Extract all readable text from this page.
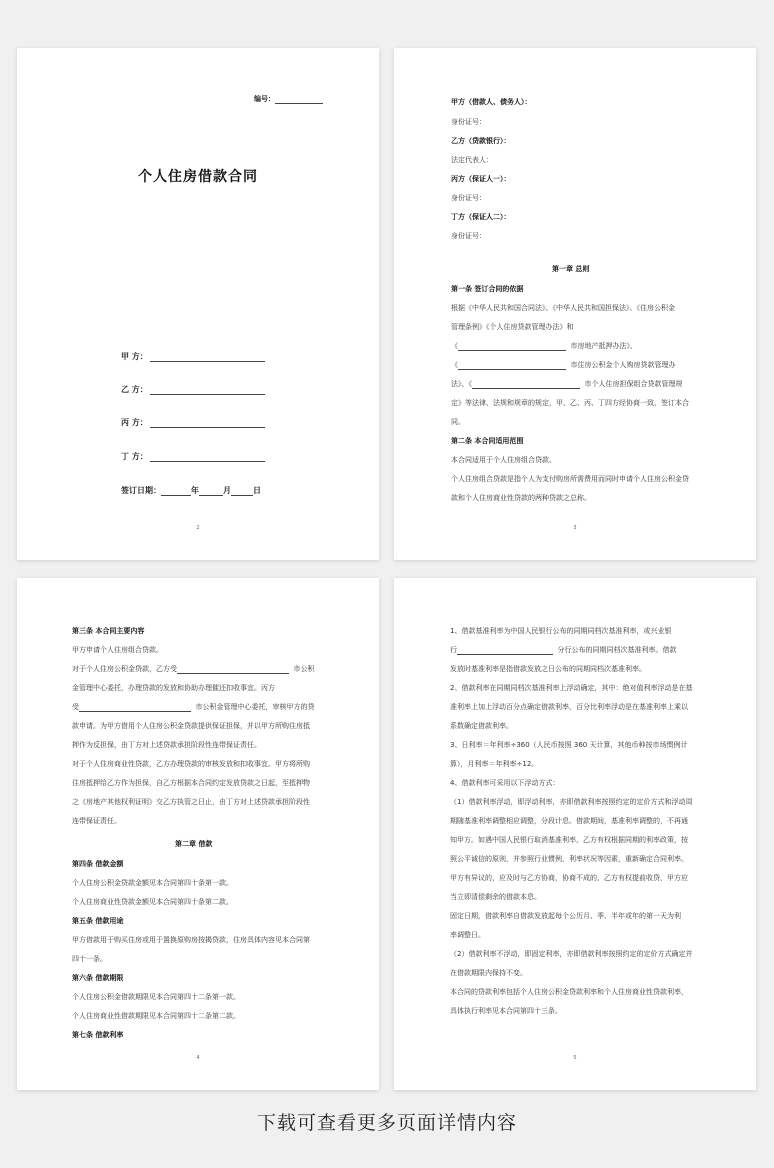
编号：
个人住房借款合同
甲 方：
乙 方：
丙 方：
丁 方：
签订日期：	年	月	日
2
甲方（借款人、债务人）：
身份证号：
乙方（贷款银行）：
法定代表人：
丙方（保证人一）：
身份证号：
丁方（保证人二）：
身份证号：
第一章 总则
第一条 签订合同的依据
根据《中华人民共和国合同法》、《中华人民共和国担保法》、《住房公积金
管理条例》《个人住房贷款管理办法》和
《	市房地产抵押办法》、
《	市住房公积金个人购房贷款管理办
法》、《	市个人住房担保组合贷款管理规
定》等法律、法规和规章的规定，甲、乙、丙、丁四方经协商一致，签订本合
同。
第二条 本合同适用范围
本合同适用于个人住房组合贷款。
个人住房组合贷款是指个人为支付购房所需费用而同时申请个人住房公积金贷
款和个人住房商业性贷款的两种贷款之总称。
3
第三条 本合同主要内容
甲方申请个人住房组合贷款。
对于个人住房公积金贷款，乙方受	市公积
金管理中心委托，办理贷款的发放和协助办理催还扣收事宜。丙方
受	市公积金管理中心委托，审核甲方的贷
款申请。为甲方借用个人住房公积金贷款提供保证担保，并以甲方所购住房抵
押作为反担保，由丁方对上述贷款承担阶段性连带保证责任。
对于个人住房商业性贷款，乙方办理贷款的审核发放和扣收事宜。甲方将所购
住房抵押给乙方作为担保，自乙方根据本合同约定发放贷款之日起，至抵押物
之《房地产其他权利证明》交乙方执管之日止，由丁方对上述贷款承担阶段性
连带保证责任。
第二章 借款
第四条 借款金额
个人住房公积金贷款金额见本合同第四十条第一款。
个人住房商业性贷款金额见本合同第四十条第二款。
第五条 借款用途
甲方借款用于购买住房或用于置换原购房按揭贷款，住房具体内容见本合同第
四十一条。
第六条 借款期限
个人住房公积金借款期限见本合同第四十二条第一款。
个人住房商业性借款期限见本合同第四十二条第二款。
第七条 借款利率
4
1、借款基准利率为中国人民银行公布的同期同档次基准利率，或兴业银
行	分行公布的同期同档次基准利率。借款
发放时基准利率是指借款发放之日公布的同期同档次基准利率。
2、借款利率在同期同档次基准利率上浮动确定，其中：绝对值利率浮动是在基
准利率上加上浮动百分点确定借款利率，百分比利率浮动是在基准利率上乘以
系数确定借款利率。
3、日利率＝年利率÷360（人民币按照 360 天计算，其他币种按市场惯例计
算），月利率＝年利率÷12。
4、借款利率可采用以下浮动方式：
（1）借款利率浮动，即浮动利率，亦即借款利率按照约定的定价方式和浮动周
期随基准利率调整相应调整，分段计息。借款期间，基准利率调整的，不再通
知甲方。如遇中国人民银行取消基准利率，乙方有权根据同期的利率政策，按
照公平诚信的原则，并参照行业惯例，利率状况等因素，重新确定合同利率。
甲方有异议的，应及时与乙方协商，协商不成的，乙方有权提前收贷，甲方应
当立即清偿剩余的借款本息。
固定日期，借款利率自借款发放起每个公历月、季、半年或年的第一天为利
率调整日。
（2）借款利率不浮动，即固定利率，亦即借款利率按照约定的定价方式确定并
在借款期限内保持不变。
本合同的贷款利率包括个人住房公积金贷款利率和个人住房商业性贷款利率，
具体执行利率见本合同第四十三条。
5
下载可查看更多页面详情内容
